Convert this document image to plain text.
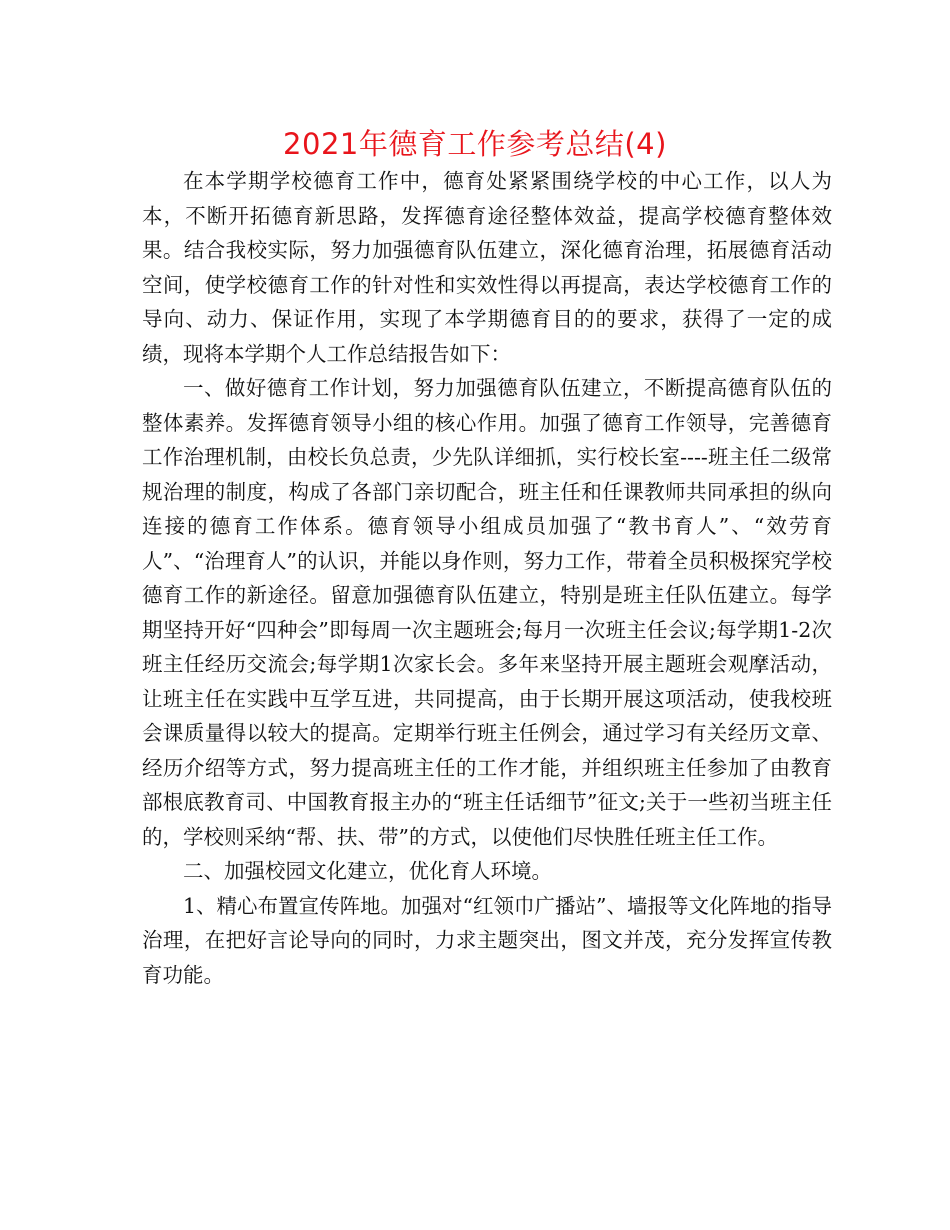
2021年德育工作参考总结(4)

在本学期学校德育工作中，德育处紧紧围绕学校的中心工作，以人为本，不断开拓德育新思路，发挥德育途径整体效益，提高学校德育整体效果。结合我校实际，努力加强德育队伍建立，深化德育治理，拓展德育活动空间，使学校德育工作的针对性和实效性得以再提高，表达学校德育工作的导向、动力、保证作用，实现了本学期德育目的的要求，获得了一定的成绩，现将本学期个人工作总结报告如下：

一、做好德育工作计划，努力加强德育队伍建立，不断提高德育队伍的整体素养。发挥德育领导小组的核心作用。加强了德育工作领导，完善德育工作治理机制，由校长负总责，少先队详细抓，实行校长室----班主任二级常规治理的制度，构成了各部门亲切配合，班主任和任课教师共同承担的纵向连接的德育工作体系。德育领导小组成员加强了“教书育人”、“效劳育人”、“治理育人”的认识，并能以身作则，努力工作，带着全员积极探究学校德育工作的新途径。留意加强德育队伍建立，特别是班主任队伍建立。每学期坚持开好“四种会”即每周一次主题班会;每月一次班主任会议;每学期1-2次班主任经历交流会;每学期1次家长会。多年来坚持开展主题班会观摩活动，让班主任在实践中互学互进，共同提高，由于长期开展这项活动，使我校班会课质量得以较大的提高。定期举行班主任例会，通过学习有关经历文章、经历介绍等方式，努力提高班主任的工作才能，并组织班主任参加了由教育部根底教育司、中国教育报主办的“班主任话细节”征文;关于一些初当班主任的，学校则采纳“帮、扶、带”的方式，以使他们尽快胜任班主任工作。

二、加强校园文化建立，优化育人环境。

1、精心布置宣传阵地。加强对“红领巾广播站”、墙报等文化阵地的指导治理，在把好言论导向的同时，力求主题突出，图文并茂，充分发挥宣传教育功能。
